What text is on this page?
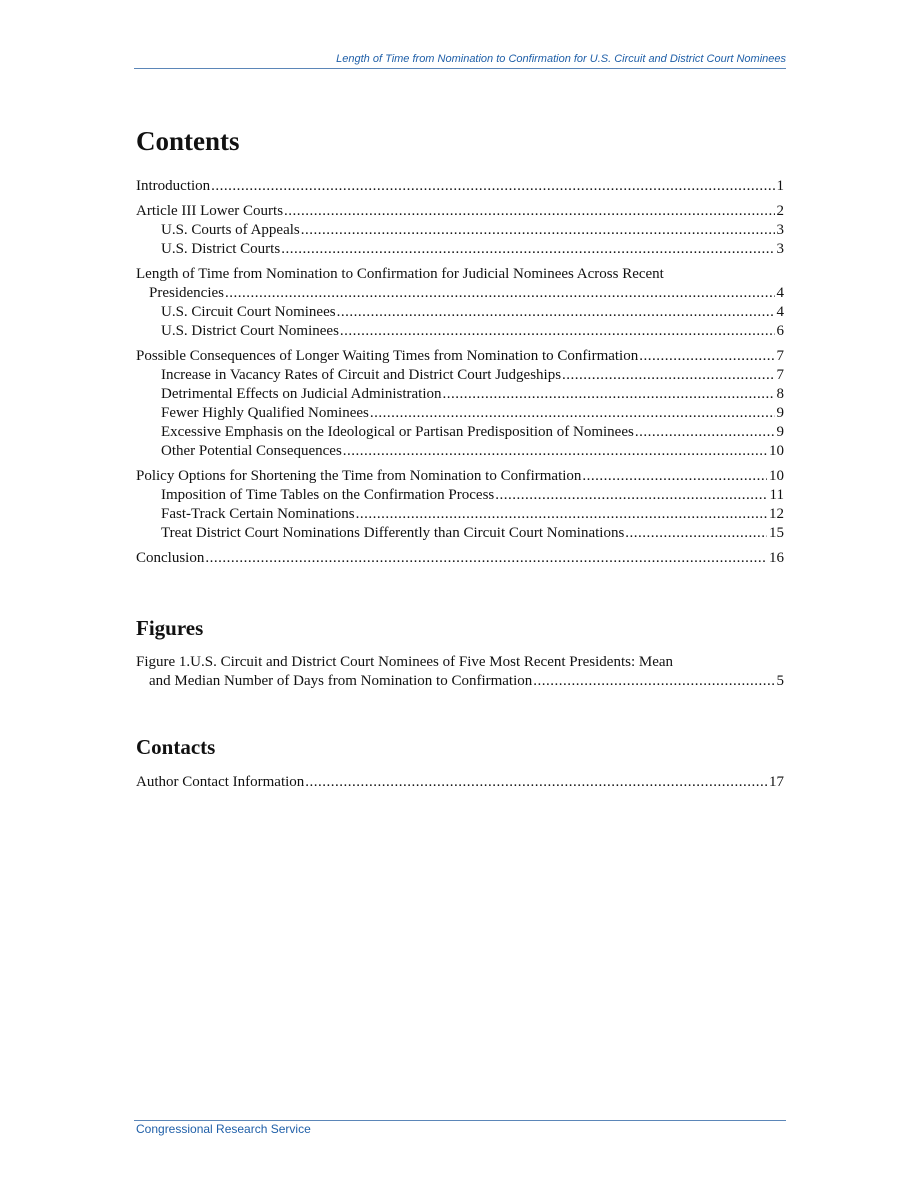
Length of Time from Nomination to Confirmation for U.S. Circuit and District Court Nominees
Contents
Introduction .....	1
Article III Lower Courts .....	2
U.S. Courts of Appeals .....	3
U.S. District Courts .....	3
Length of Time from Nomination to Confirmation for Judicial Nominees Across Recent
Presidencies .....	4
U.S. Circuit Court Nominees .....	4
U.S. District Court Nominees .....	6
Possible Consequences of Longer Waiting Times from Nomination to Confirmation .....	7
Increase in Vacancy Rates of Circuit and District Court Judgeships .....	7
Detrimental Effects on Judicial Administration .....	8
Fewer Highly Qualified Nominees .....	9
Excessive Emphasis on the Ideological or Partisan Predisposition of Nominees .....	9
Other Potential Consequences .....	10
Policy Options for Shortening the Time from Nomination to Confirmation .....	10
Imposition of Time Tables on the Confirmation Process .....	11
Fast-Track Certain Nominations .....	12
Treat District Court Nominations Differently than Circuit Court Nominations .....	15
Conclusion .....	16
Figures
Figure 1.U.S. Circuit and District Court Nominees of Five Most Recent Presidents: Mean
and Median Number of Days from Nomination to Confirmation .....	5
Contacts
Author Contact Information .....	17
Congressional Research Service
